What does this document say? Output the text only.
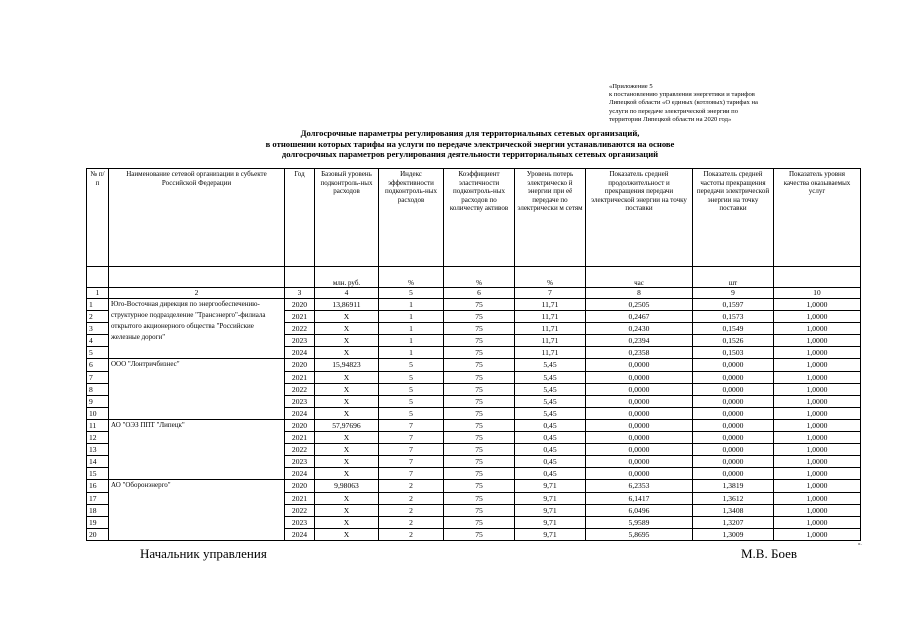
«Приложение 5
к постановлению управления энергетики и тарифов
Липецкой области «О единых (котловых) тарифах на
услуги по передаче электрической энергии по
территории Липецкой области на 2020 год»
Долгосрочные параметры регулирования для территориальных сетевых организаций,
в отношении которых тарифы на услуги по передаче электрической энергии устанавливаются на основе
долгосрочных параметров регулирования деятельности территориальных сетевых организаций
№ п/п	Наименование сетевой организации в субъекте Российской Федерации	Год	Базовый уровень подконтроль-ных расходов	Индекс эффективности подконтроль-ных расходов	Коэффициент эластичности подконтроль-ных расходов по количеству активов	Уровень потерь электрическо й энергии при её передаче по электрически м сетям	Показатель средней продолжительност и прекращения передачи электрической энергии на точку поставки	Показатель средней частоты прекращения передачи электрической энергии на точку поставки	Показатель уровня качества оказываемых услуг
			млн. руб.	%	%	%	час	шт	
1	2	3	4	5	6	7	8	9	10
1	Юго-Восточная дирекция по энергообеспечению-структурное подразделение "Трансэнерго"-филиала открытого акционерного общества "Российские железные дороги"	2020	13,86911	1	75	11,71	0,2505	0,1597	1,0000
2		2021	Х	1	75	11,71	0,2467	0,1573	1,0000
3		2022	Х	1	75	11,71	0,2430	0,1549	1,0000
4		2023	Х	1	75	11,71	0,2394	0,1526	1,0000
5		2024	Х	1	75	11,71	0,2358	0,1503	1,0000
6	ООО "Лонтричбизнес"	2020	15,94823	5	75	5,45	0,0000	0,0000	1,0000
7		2021	Х	5	75	5,45	0,0000	0,0000	1,0000
8		2022	Х	5	75	5,45	0,0000	0,0000	1,0000
9		2023	Х	5	75	5,45	0,0000	0,0000	1,0000
10		2024	Х	5	75	5,45	0,0000	0,0000	1,0000
11	АО "ОЭЗ ППТ "Липецк"	2020	57,97696	7	75	0,45	0,0000	0,0000	1,0000
12		2021	Х	7	75	0,45	0,0000	0,0000	1,0000
13		2022	Х	7	75	0,45	0,0000	0,0000	1,0000
14		2023	Х	7	75	0,45	0,0000	0,0000	1,0000
15		2024	Х	7	75	0,45	0,0000	0,0000	1,0000
16	АО "Оборонэнерго"	2020	9,98063	2	75	9,71	6,2353	1,3819	1,0000
17		2021	Х	2	75	9,71	6,1417	1,3612	1,0000
18		2022	Х	2	75	9,71	6,0496	1,3408	1,0000
19		2023	Х	2	75	9,71	5,9589	1,3207	1,0000
20		2024	Х	2	75	9,71	5,8695	1,3009	1,0000
Начальник управления	М.В. Боев
».
